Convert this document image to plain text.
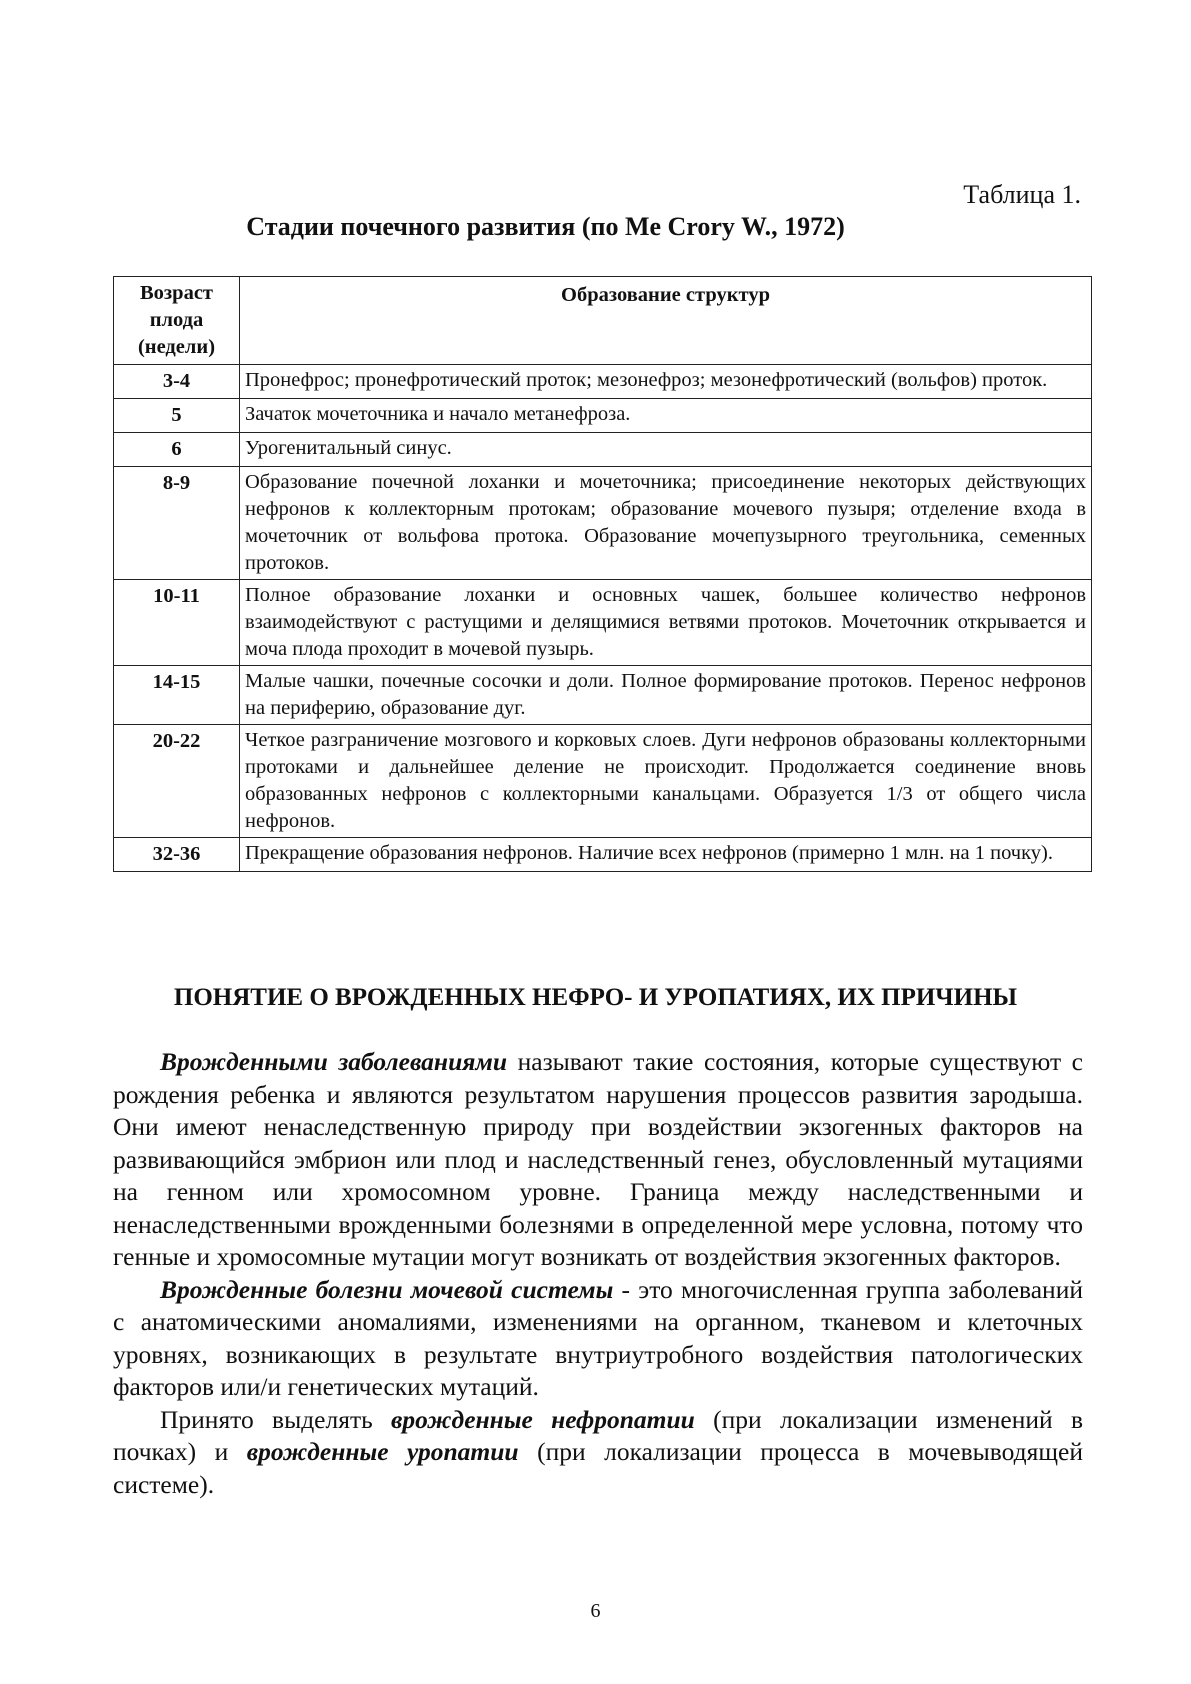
Таблица 1.

Стадии почечного развития (по Me Crory W., 1972)
Возраст плода (недели)	Образование структур
3-4	Пронефрос; пронефротический проток; мезонефроз; мезонефротический (вольфов) проток.
5	Зачаток мочеточника и начало метанефроза.
6	Урогенитальный синус.
8-9	Образование почечной лоханки и мочеточника; присоединение некоторых действующих нефронов к коллекторным протокам; образование мочевого пузыря; отделение входа в мочеточник от вольфова протока. Образование мочепузырного треугольника, семенных протоков.
10-11	Полное образование лоханки и основных чашек, большее количество нефронов взаимодействуют с растущими и делящимися ветвями протоков. Мочеточник открывается и моча плода проходит в мочевой пузырь.
14-15	Малые чашки, почечные сосочки и доли. Полное формирование протоков. Перенос нефронов на периферию, образование дуг.
20-22	Четкое разграничение мозгового и корковых слоев. Дуги нефронов образованы коллекторными протоками и дальнейшее деление не происходит. Продолжается соединение вновь образованных нефронов с коллекторными канальцами. Образуется 1/3 от общего числа нефронов.
32-36	Прекращение образования нефронов. Наличие всех нефронов (примерно 1 млн. на 1 почку).
ПОНЯТИЕ О ВРОЖДЕННЫХ НЕФРО- И УРОПАТИЯХ, ИХ ПРИЧИНЫ

Врожденными заболеваниями называют такие состояния, которые существуют с рождения ребенка и являются результатом нарушения процессов развития зародыша. Они имеют ненаследственную природу при воздействии экзогенных факторов на развивающийся эмбрион или плод и наследственный генез, обусловленный мутациями на генном или хромосомном уровне. Граница между наследственными и ненаследственными врожденными болезнями в определенной мере условна, потому что генные и хромосомные мутации могут возникать от воздействия экзогенных факторов.

Врожденные болезни мочевой системы - это многочисленная группа заболеваний с анатомическими аномалиями, изменениями на органном, тканевом и клеточных уровнях, возникающих в результате внутриутробного воздействия патологических факторов или/и генетических мутаций.

Принято выделять врожденные нефропатии (при локализации изменений в почках) и врожденные уропатии (при локализации процесса в мочевыводящей системе).

6
